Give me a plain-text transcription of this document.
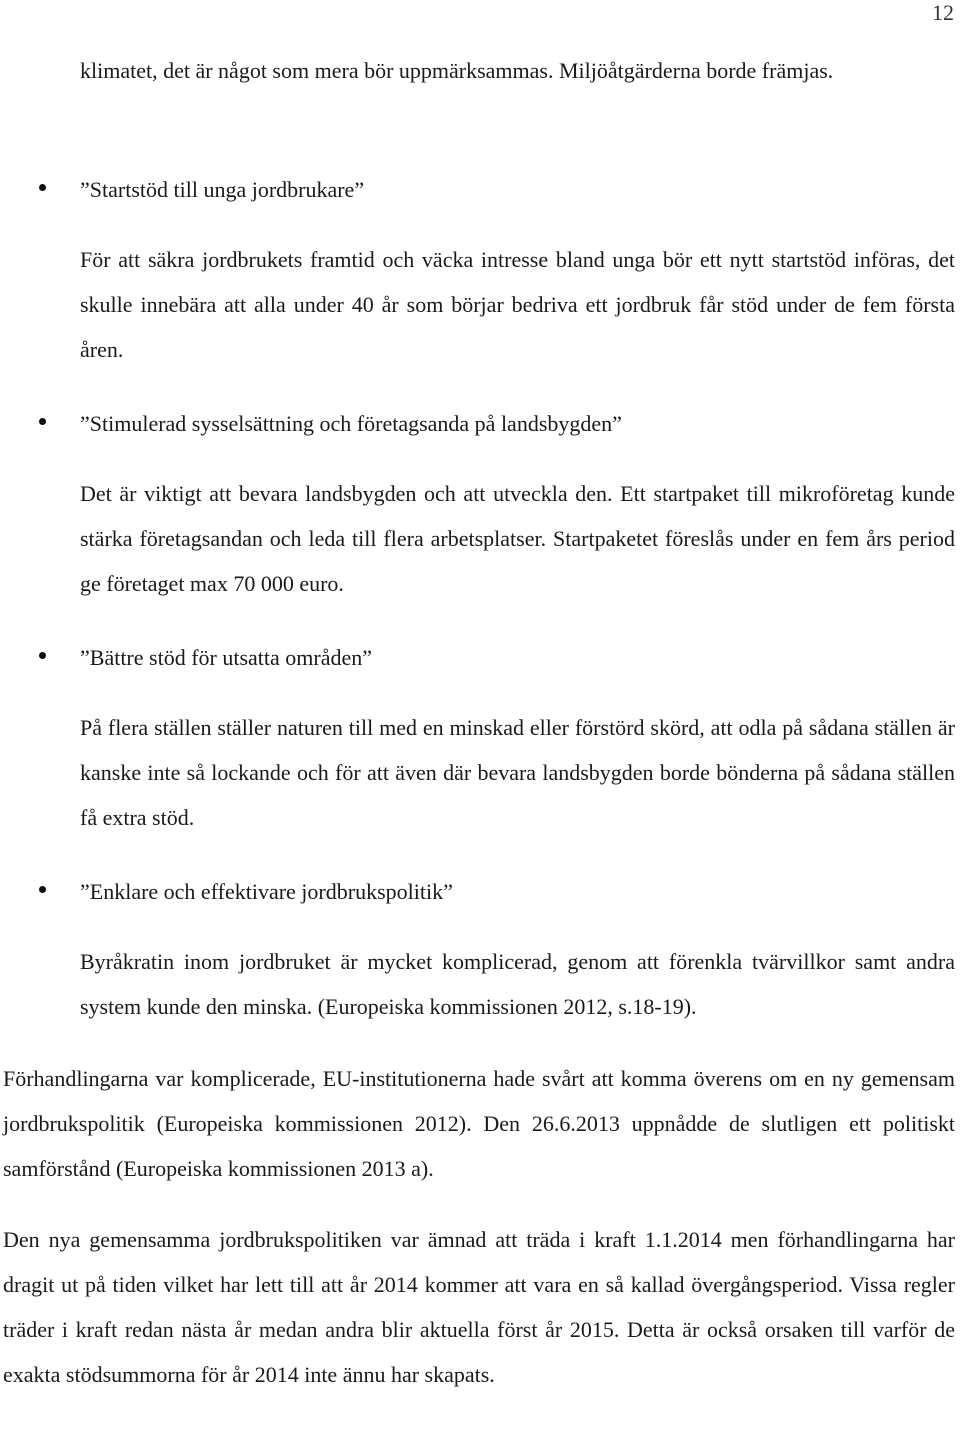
12

klimatet, det är något som mera bör uppmärksammas. Miljöåtgärderna borde främjas.

”Startstöd till unga jordbrukare”

För att säkra jordbrukets framtid och väcka intresse bland unga bör ett nytt startstöd införas, det skulle innebära att alla under 40 år som börjar bedriva ett jordbruk får stöd under de fem första åren.

”Stimulerad sysselsättning och företagsanda på landsbygden”

Det är viktigt att bevara landsbygden och att utveckla den. Ett startpaket till mikroföretag kunde stärka företagsandan och leda till flera arbetsplatser. Startpaketet föreslås under en fem års period ge företaget max 70 000 euro.

”Bättre stöd för utsatta områden”

På flera ställen ställer naturen till med en minskad eller förstörd skörd, att odla på sådana ställen är kanske inte så lockande och för att även där bevara landsbygden borde bönderna på sådana ställen få extra stöd.

”Enklare och effektivare jordbrukspolitik”

Byråkratin inom jordbruket är mycket komplicerad, genom att förenkla tvärvillkor samt andra system kunde den minska. (Europeiska kommissionen 2012, s.18-19).

Förhandlingarna var komplicerade, EU-institutionerna hade svårt att komma överens om en ny gemensam jordbrukspolitik (Europeiska kommissionen 2012). Den 26.6.2013 uppnådde de slutligen ett politiskt samförstånd (Europeiska kommissionen 2013 a).

Den nya gemensamma jordbrukspolitiken var ämnad att träda i kraft 1.1.2014 men förhandlingarna har dragit ut på tiden vilket har lett till att år 2014 kommer att vara en så kallad övergångsperiod. Vissa regler träder i kraft redan nästa år medan andra blir aktuella först år 2015. Detta är också orsaken till varför de exakta stödsummorna för år 2014 inte ännu har skapats.
